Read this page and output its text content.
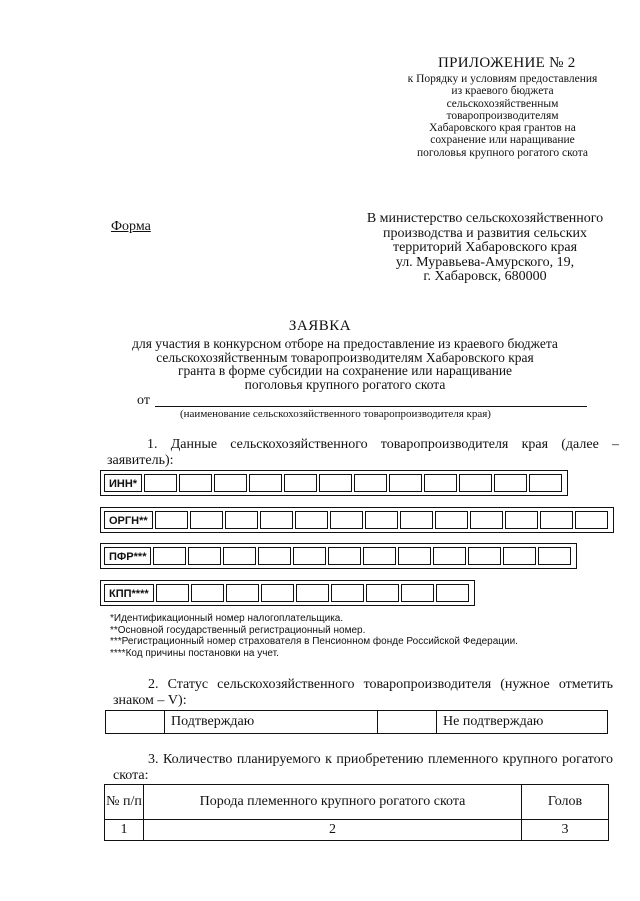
ПРИЛОЖЕНИЕ № 2
к Порядку и условиям предоставления
из краевого бюджета
сельскохозяйственным
товаропроизводителям
Хабаровского края грантов на
сохранение или наращивание
поголовья крупного рогатого скота
Форма
В министерство сельскохозяйственного
производства и развития сельских
территорий Хабаровского края
ул. Муравьева-Амурского, 19,
г. Хабаровск, 680000
ЗАЯВКА
для участия в конкурсном отборе на предоставление из краевого бюджета
сельскохозяйственным товаропроизводителям Хабаровского края
гранта в форме субсидии на сохранение или наращивание
поголовья крупного рогатого скота
от
(наименование сельскохозяйственного товаропроизводителя края)
1. Данные сельскохозяйственного товаропроизводителя края (далее – заявитель):
ИНН*
ОРГН**
ПФР***
КПП****
*Идентификационный номер налогоплательщика.
**Основной государственный регистрационный номер.
***Регистрационный номер страхователя в Пенсионном фонде Российской Федерации.
****Код причины постановки на учет.
2. Статус сельскохозяйственного товаропроизводителя (нужное отметить знаком – V):
	Подтверждаю		Не подтверждаю
3. Количество планируемого к приобретению племенного крупного рогатого скота:
№ п/п	Порода племенного крупного рогатого скота	Голов
1	2	3
